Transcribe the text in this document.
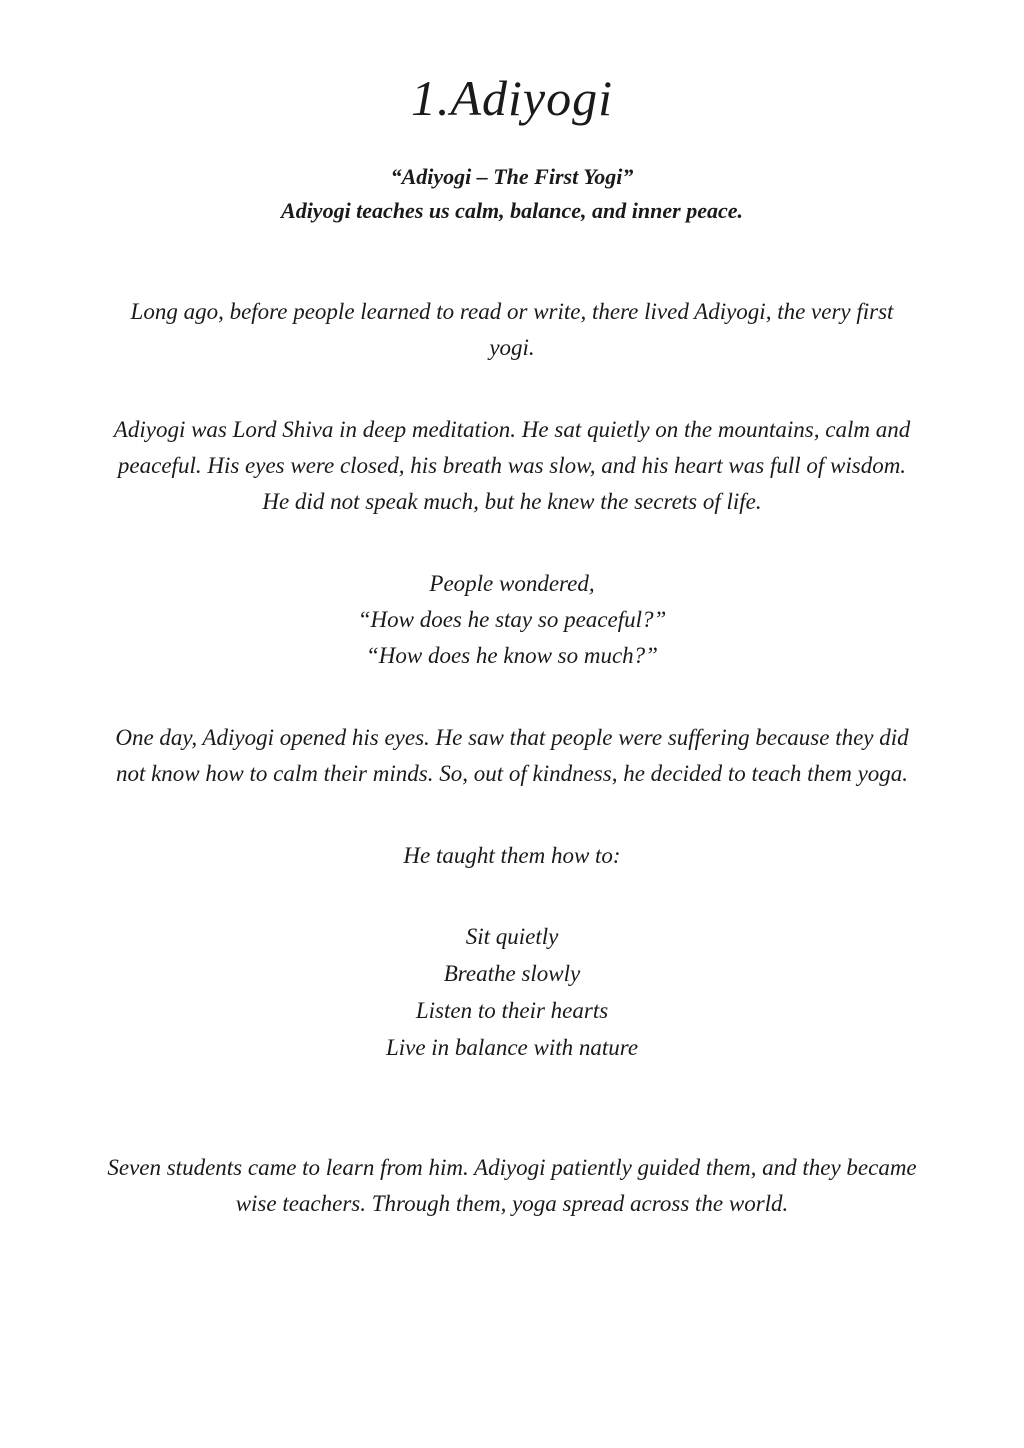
1.Adiyogi

“Adiyogi – The First Yogi”

Adiyogi teaches us calm, balance, and inner peace.

Long ago, before people learned to read or write, there lived Adiyogi, the very first yogi.

Adiyogi was Lord Shiva in deep meditation. He sat quietly on the mountains, calm and peaceful. His eyes were closed, his breath was slow, and his heart was full of wisdom. He did not speak much, but he knew the secrets of life.

People wondered,

“How does he stay so peaceful?”

“How does he know so much?”

One day, Adiyogi opened his eyes. He saw that people were suffering because they did not know how to calm their minds. So, out of kindness, he decided to teach them yoga.

He taught them how to:

Sit quietly
Breathe slowly
Listen to their hearts
Live in balance with nature

Seven students came to learn from him. Adiyogi patiently guided them, and they became wise teachers. Through them, yoga spread across the world.
